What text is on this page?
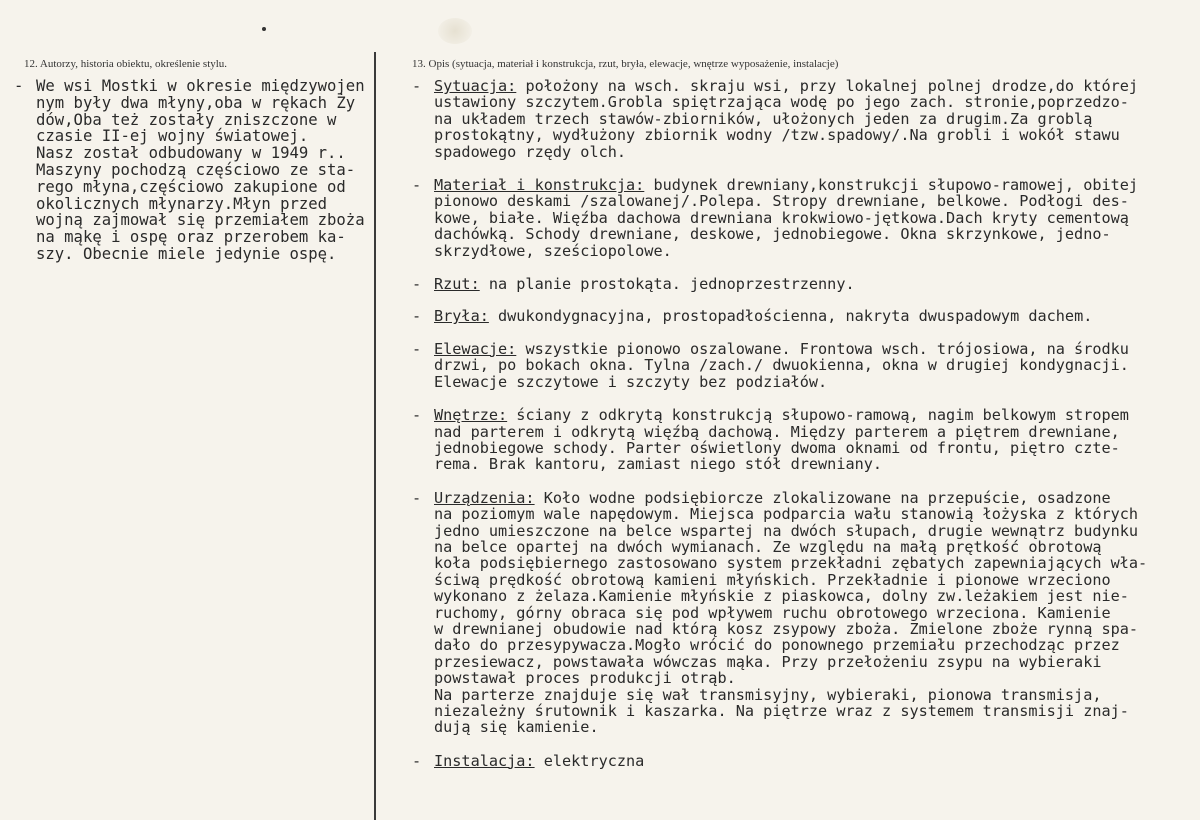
12. Autorzy, historia obiektu, określenie stylu.	13. Opis (sytuacja, materiał i konstrukcja, rzut, bryła, elewacje, wnętrze wyposażenie, instalacje)
- We wsi Mostki w okresie międzywojen
nym były dwa młyny,oba w rękach Ży
dów,Oba też zostały zniszczone w
czasie II-ej wojny światowej.
Nasz został odbudowany w 1949 r..
Maszyny pochodzą częściowo ze sta-
rego młyna,częściowo zakupione od
okolicznych młynarzy.Młyn przed
wojną zajmował się przemiałem zboża
na mąkę i ospę oraz przerobem ka-
szy. Obecnie miele jedynie ospę.
- Sytuacja: położony na wsch. skraju wsi, przy lokalnej polnej drodze,do której
ustawiony szczytem.Grobla spiętrzająca wodę po jego zach. stronie,poprzedzo-
na układem trzech stawów-zbiorników, ułożonych jeden za drugim.Za groblą
prostokątny, wydłużony zbiornik wodny /tzw.spadowy/.Na grobli i wokół stawu
spadowego rzędy olch.
- Materiał i konstrukcja: budynek drewniany,konstrukcji słupowo-ramowej, obitej
pionowo deskami /szalowanej/.Polepa. Stropy drewniane, belkowe. Podłogi des-
kowe, białe. Więźba dachowa drewniana krokwiowo-jętkowa.Dach kryty cementową
dachówką. Schody drewniane, deskowe, jednobiegowe. Okna skrzynkowe, jedno-
skrzydłowe, sześciopolowe.
- Rzut: na planie prostokąta. jednoprzestrzenny.
- Bryła: dwukondygnacyjna, prostopadłościenna, nakryta dwuspadowym dachem.
- Elewacje: wszystkie pionowo oszalowane. Frontowa wsch. trójosiowa, na środku
drzwi, po bokach okna. Tylna /zach./ dwuokienna, okna w drugiej kondygnacji.
Elewacje szczytowe i szczyty bez podziałów.
- Wnętrze: ściany z odkrytą konstrukcją słupowo-ramową, nagim belkowym stropem
nad parterem i odkrytą więźbą dachową. Między parterem a piętrem drewniane,
jednobiegowe schody. Parter oświetlony dwoma oknami od frontu, piętro czte-
rema. Brak kantoru, zamiast niego stół drewniany.
- Urządzenia: Koło wodne podsiębiorcze zlokalizowane na przepuście, osadzone
na poziomym wale napędowym. Miejsca podparcia wału stanowią łożyska z których
jedno umieszczone na belce wspartej na dwóch słupach, drugie wewnątrz budynku
na belce opartej na dwóch wymianach. Ze względu na małą prętkość obrotową
koła podsiębiernego zastosowano system przekładni zębatych zapewniających wła-
ściwą prędkość obrotową kamieni młyńskich. Przekładnie i pionowe wrzeciono
wykonano z żelaza.Kamienie młyńskie z piaskowca, dolny zw.leżakiem jest nie-
ruchomy, górny obraca się pod wpływem ruchu obrotowego wrzeciona. Kamienie
w drewnianej obudowie nad którą kosz zsypowy zboża. Zmielone zboże rynną spa-
dało do przesypywacza.Mogło wrócić do ponownego przemiału przechodząc przez
przesiewacz, powstawała wówczas mąka. Przy przełożeniu zsypu na wybieraki
powstawał proces produkcji otrąb.
Na parterze znajduje się wał transmisyjny, wybieraki, pionowa transmisja,
niezależny śrutownik i kaszarka. Na piętrze wraz z systemem transmisji znaj-
dują się kamienie.
- Instalacja: elektryczna
